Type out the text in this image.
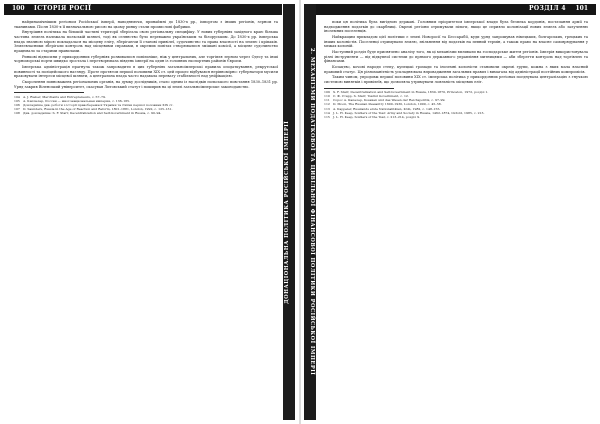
100 ІСТОРІЯ РОСІЇ
ДОНАЦІОНАЛЬНА ПОЛІТИКА РОСІЙСЬКОЇ ІМПЕРІЇ

найдинамічнішим регіоном Російської імперії, наводнюючи, принаймні до 1830-х рр., імпортом з інших регіонів, зерном та тканинами. Після 1830-х її визначальною рисою на цьому ринку стали промислові фабрики.

Внутрішня політика на більшій частині території зберігала свою регіональну специфіку. У нових губерніях західного краю більша частина земель належала польській шляхті, тоді як селянство було переважно українським та білоруським. До 1830-х рр. імперська влада значною мірою покладалася на місцеву еліту, зберігаючи її станові привілеї, судочинство та права власності на землю і кріпаків. Землевласники зберігали контроль над місцевими справами, в окремих повітах створювалися змішані комісії, а місцеве судочинство працювало за старими правилами.

Ринкові відносини у прикордонних губерніях розвивалися повільніше, ніж у центральних, але торгівля зерном через Одесу та інші чорноморські порти швидко зростала і перетворювала південь імперії на один із головних експортних районів Європи.

Імперська адміністрація прагнула також запровадити в цих губерніях загальноімперські правила оподаткування, рекрутської повинності та поліцейського нагляду. Проте протягом першої половини XIX ст. цей процес відбувався нерівномірно: губернатори мусили враховувати інтереси місцевої шляхти, а центральна влада часто надавала перевагу стабільності над уніфікацією.

Скорочення повноважень регіональних органів, на думку дослідників, стало одним із наслідків польського повстання 1830–1831 рр. Уряд закрив Віленський університет, скасував Литовський статут і поширив на ці землі загальноімперське законодавство.

104 A. J. Rieber, Merchants and Entrepreneurs, с. 57–79.
105 А. Каппелер, Россия — многонациональная империя, с. 136–165.
106 Докладніше див. роботи з історії правобережної України та Литви першої половини XIX ст.
107 D. Saunders, Russia in the Age of Reaction and Reform, 1801–1881, London, 1992, с. 125–131.
108 Див. докладніше: S. F. Starr, Decentralization and Self-Government in Russia, с. 90–94.
РОЗДІЛ 4 101
2. МЕХАНІЗМИ ПОДАТКОВОЇ ТА ЦИВІЛЬНОЇ ФІНАНСОВОЇ ПОЛІТИКИ РОСІЙСЬКОЇ ІМПЕРІЇ

поки ця політика була вигідною державі. Головним пріоритетом імперської влади була безпека кордонів, постачання армії та надходження податків до скарбниці. Окремі регіони отримували пільги, якщо це сприяло колонізації нових земель або залученню іноземних поселенців.

Найкращим прикладом цієї політики є землі Новоросії та Бессарабії, куди уряд запрошував німецьких, болгарських, грецьких та інших колоністів. Поселенці отримували землю, звільнення від податків на певний термін, а також право на власне самоврядування у межах колоній.

Наступний розділ буде присвячено аналізу того, як ці механізми впливали на господарське життя регіонів. Імперія використовувала різні інструменти — від відкупної системи до прямого державного управління митницями — аби зберегти контроль над торгівлею та фінансами.

Козацтво, кочові народи степу, купецькі громади та іноземні колоністи становили окремі групи, кожна з яких мала власний правовий статус. Ця різноманітність ускладнювала впровадження загальних правил і вимагала від адміністрації постійних компромісів.

Таким чином, упродовж першої половини XIX ст. імперська політика у прикордонних регіонах поєднувала централізацію з гнучкою системою винятків і привілеїв, що дозволяла утримувати лояльність місцевих еліт.

109 S. F. Starr, Decentralization and Self-Government in Russia, 1830–1870, Princeton, 1972, розділ 1.
110 C. Ф. Старр, S. Starr, Tsarist Government, с. 12.
111 Сорос А. Капелер, Kosaken und das Wesen der Reichspolitik, с. 97–99.
112 D. Moon, The Russian Peasantry 1600–1930, London, 1999, с. 45–58.
113 A. Kappeler, Russlands erste Nationalitäten, Köln, 1982, с. 148–155.
114 J. L. H. Keep, Soldiers of the Tsar: Army and Society in Russia, 1462–1874, Oxford, 1985, с. 213.
115 J. L. H. Keep, Soldiers of the Tsar, с. 213–214, розділ 9.
